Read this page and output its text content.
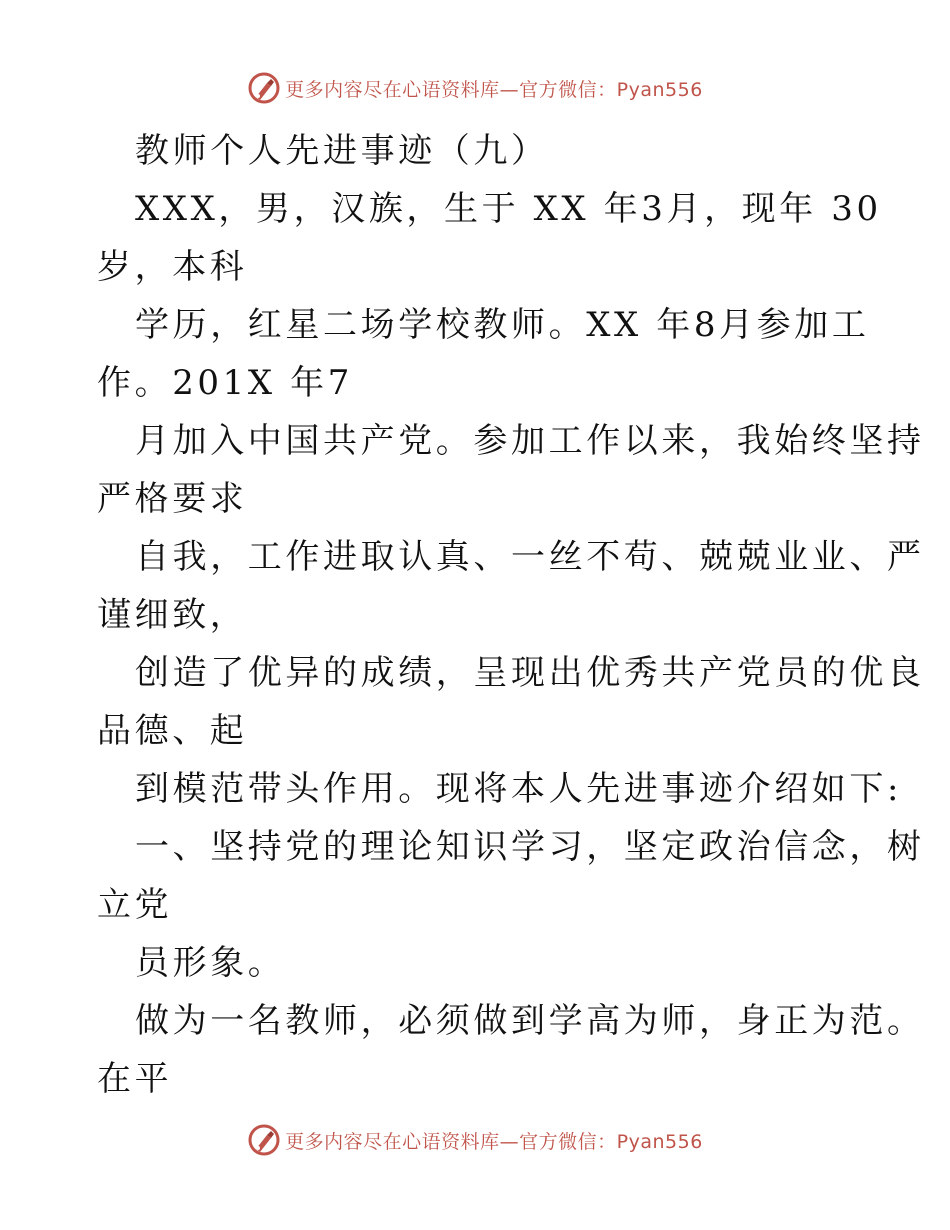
更多内容尽在心语资料库—官方微信：Pyan556
教师个人先进事迹（九）
XXX，男，汉族，生于 XX 年3月，现年 30
岁，本科
学历，红星二场学校教师。XX 年8月参加工
作。201X 年7
月加入中国共产党。参加工作以来，我始终坚持
严格要求
自我，工作进取认真、一丝不苟、兢兢业业、严
谨细致，
创造了优异的成绩，呈现出优秀共产党员的优良
品德、起
到模范带头作用。现将本人先进事迹介绍如下:
一、坚持党的理论知识学习，坚定政治信念，树
立党
员形象。
做为一名教师，必须做到学高为师，身正为范。
在平
更多内容尽在心语资料库—官方微信：Pyan556
